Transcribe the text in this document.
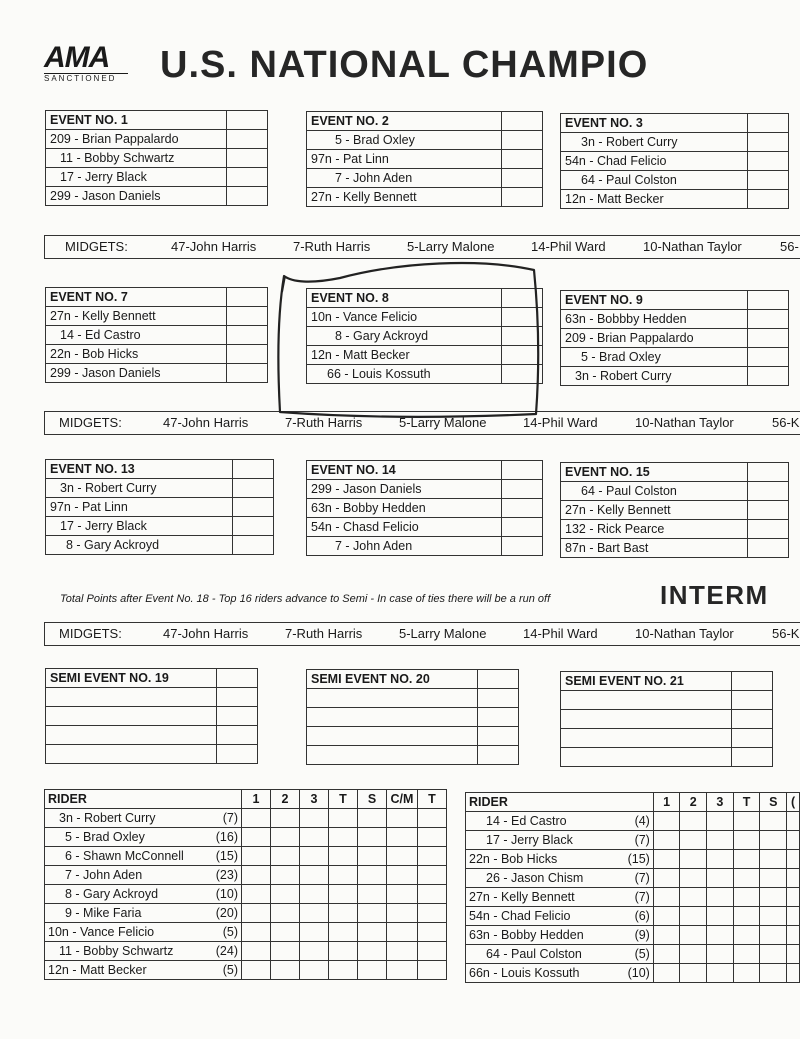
AMA
SANCTIONED	U.S. NATIONAL CHAMPIO
EVENT NO. 1	
209 - Brian Pappalardo	
11 - Bobby Schwartz	
17 - Jerry Black	
299 - Jason Daniels	
EVENT NO. 2	
5 - Brad Oxley	
97n - Pat Linn	
7 - John Aden	
27n - Kelly Bennett	
EVENT NO. 3	
3n - Robert Curry	
54n - Chad Felicio	
64 - Paul Colston	
12n - Matt Becker	
MIDGETS:	47-John Harris	7-Ruth Harris	5-Larry Malone	14-Phil Ward	10-Nathan Taylor	56-
EVENT NO. 7	
27n - Kelly Bennett	
14 - Ed Castro	
22n - Bob Hicks	
299 - Jason Daniels	
EVENT NO. 8	
10n - Vance Felicio	
8 - Gary Ackroyd	
12n - Matt Becker	
66 - Louis Kossuth	
EVENT NO. 9	
63n - Bobbby Hedden	
209 - Brian Pappalardo	
5 - Brad Oxley	
3n - Robert Curry	
MIDGETS:	47-John Harris	7-Ruth Harris	5-Larry Malone	14-Phil Ward	10-Nathan Taylor	56-K
EVENT NO. 13	
3n - Robert Curry	
97n - Pat Linn	
17 - Jerry Black	
8 - Gary Ackroyd	
EVENT NO. 14	
299 - Jason Daniels	
63n - Bobby Hedden	
54n - Chasd Felicio	
7 - John Aden	
EVENT NO. 15	
64 - Paul Colston	
27n - Kelly Bennett	
132 - Rick Pearce	
87n - Bart Bast	
Total Points after Event No. 18 - Top 16 riders advance to Semi - In case of ties there will be a run off	INTERM
MIDGETS:	47-John Harris	7-Ruth Harris	5-Larry Malone	14-Phil Ward	10-Nathan Taylor	56-K
SEMI EVENT NO. 19	

		SEMI EVENT NO. 20	

		SEMI EVENT NO. 21	

RIDER		1	2	3	T	S	C/M	T
3n - Robert Curry	(7)							
5 - Brad Oxley	(16)							
6 - Shawn McConnell	(15)							
7 - John Aden	(23)							
8 - Gary Ackroyd	(10)							
9 - Mike Faria	(20)							
10n - Vance Felicio	(5)							
11 - Bobby Schwartz	(24)							
12n - Matt Becker	(5)							
RIDER		1	2	3	T	S	(
14 - Ed Castro	(4)						
17 - Jerry Black	(7)						
22n - Bob Hicks	(15)						
26 - Jason Chism	(7)						
27n - Kelly Bennett	(7)						
54n - Chad Felicio	(6)						
63n - Bobby Hedden	(9)						
64 - Paul Colston	(5)						
66n - Louis Kossuth	(10)						
